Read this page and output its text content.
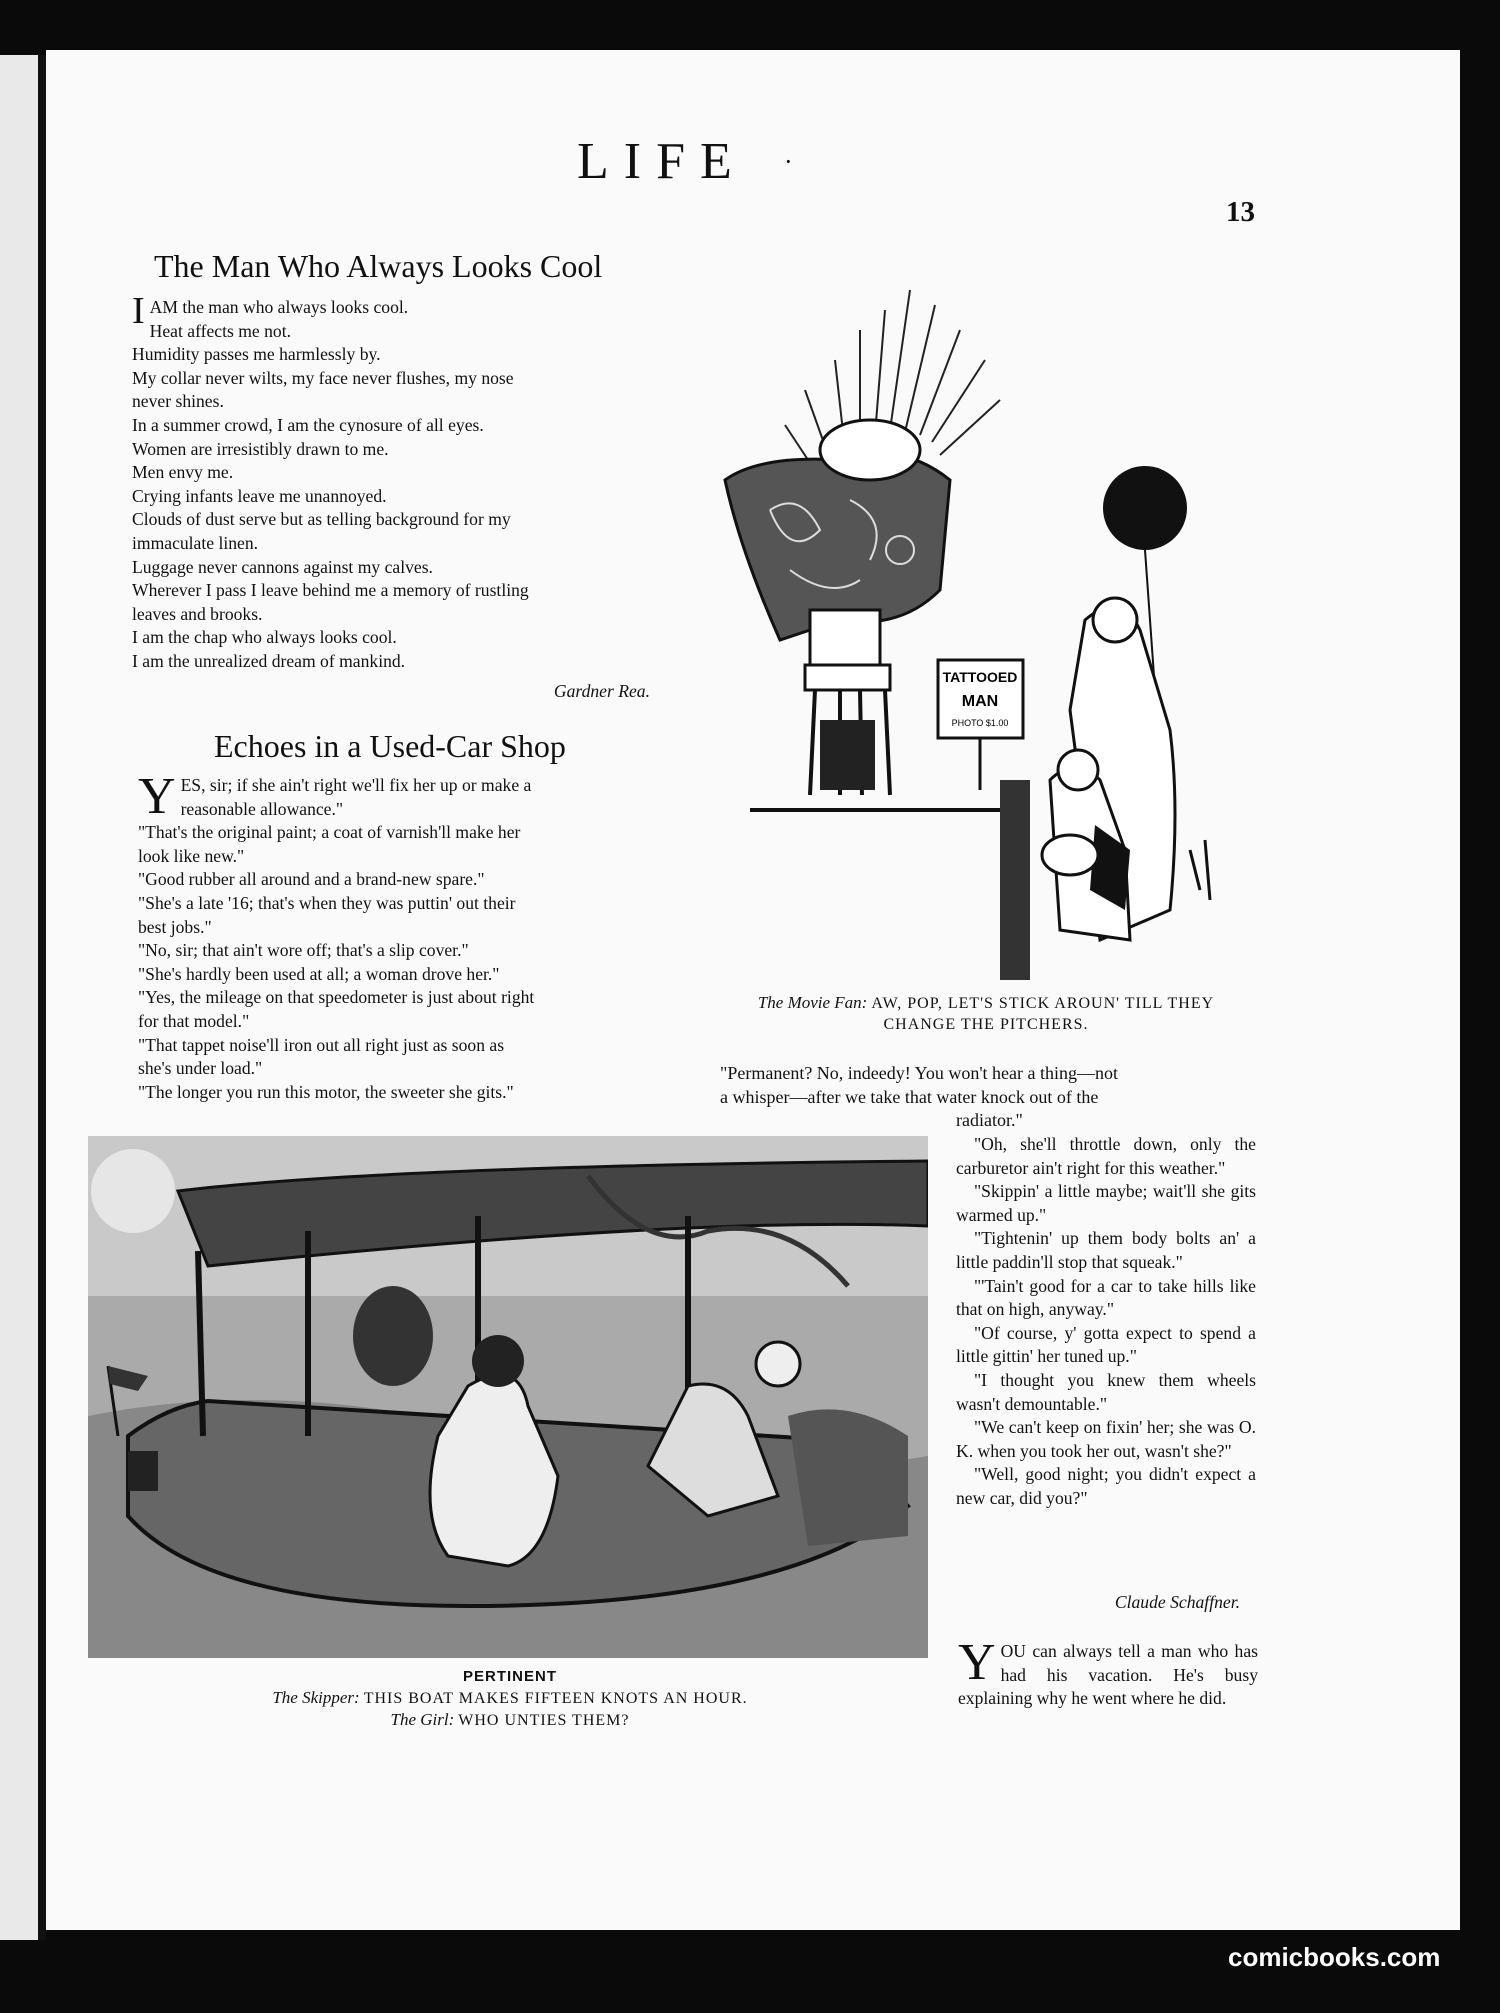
LIFE ·
13
The Man Who Always Looks Cool
I AM the man who always looks cool.

Heat affects me not.

Humidity passes me harmlessly by.

My collar never wilts, my face never flushes, my nose

never shines.

In a summer crowd, I am the cynosure of all eyes.

Women are irresistibly drawn to me.

Men envy me.

Crying infants leave me unannoyed.

Clouds of dust serve but as telling background for my

immaculate linen.

Luggage never cannons against my calves.

Wherever I pass I leave behind me a memory of rustling

leaves and brooks.

I am the chap who always looks cool.

I am the unrealized dream of mankind.

Gardner Rea.
Echoes in a Used-Car Shop
Y ES, sir; if she ain't right we'll fix her up or make a

reasonable allowance."

"That's the original paint; a coat of varnish'll make her

look like new."

"Good rubber all around and a brand-new spare."

"She's a late '16; that's when they was puttin' out their

best jobs."

"No, sir; that ain't wore off; that's a slip cover."

"She's hardly been used at all; a woman drove her."

"Yes, the mileage on that speedometer is just about right

for that model."

"That tappet noise'll iron out all right just as soon as

she's under load."

"The longer you run this motor, the sweeter she gits."

"Permanent? No, indeedy! You won't hear a thing—not

a whisper—after we take that water knock out of the

radiator."

"Oh, she'll throttle down, only the carburetor ain't right for this weather."

"Skippin' a little maybe; wait'll she gits warmed up."

"Tightenin' up them body bolts an' a little paddin'll stop that squeak."

"'Tain't good for a car to take hills like that on high, anyway."

"Of course, y' gotta expect to spend a little gittin' her tuned up."

"I thought you knew them wheels wasn't demountable."

"We can't keep on fixin' her; she was O. K. when you took her out, wasn't she?"

"Well, good night; you didn't expect a new car, did you?"

Claude Schaffner.
YOU can always tell a man who has had his vacation. He's busy explaining why he went where he did.
TATTOOED
MAN
PHOTO $1.00
The Movie Fan: AW, POP, LET'S STICK AROUN' TILL THEY
CHANGE THE PITCHERS.
PERTINENT
The Skipper: THIS BOAT MAKES FIFTEEN KNOTS AN HOUR.
The Girl: WHO UNTIES THEM?
comicbooks.com
